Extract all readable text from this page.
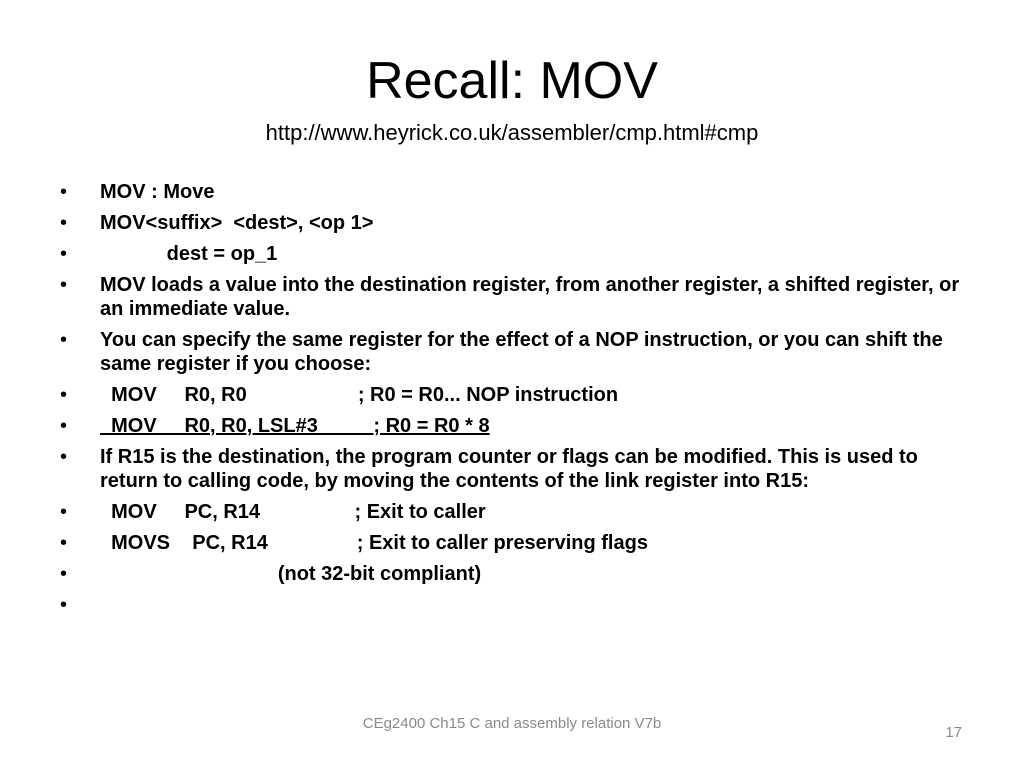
Recall: MOV
http://www.heyrick.co.uk/assembler/cmp.html#cmp
• MOV : Move
• MOV<suffix>  <dest>, <op 1>
• dest = op_1
• MOV loads a value into the destination register, from another register, a shifted register, or an immediate value.
• You can specify the same register for the effect of a NOP instruction, or you can shift the same register if you choose:
• MOV     R0, R0                    ; R0 = R0... NOP instruction
• MOV     R0, R0, LSL#3          ; R0 = R0 * 8
• If R15 is the destination, the program counter or flags can be modified. This is used to return to calling code, by moving the contents of the link register into R15:
• MOV     PC, R14                 ; Exit to caller
• MOVS    PC, R14                ; Exit to caller preserving flags
• (not 32-bit compliant)
•
CEg2400 Ch15 C and assembly relation V7b
17
